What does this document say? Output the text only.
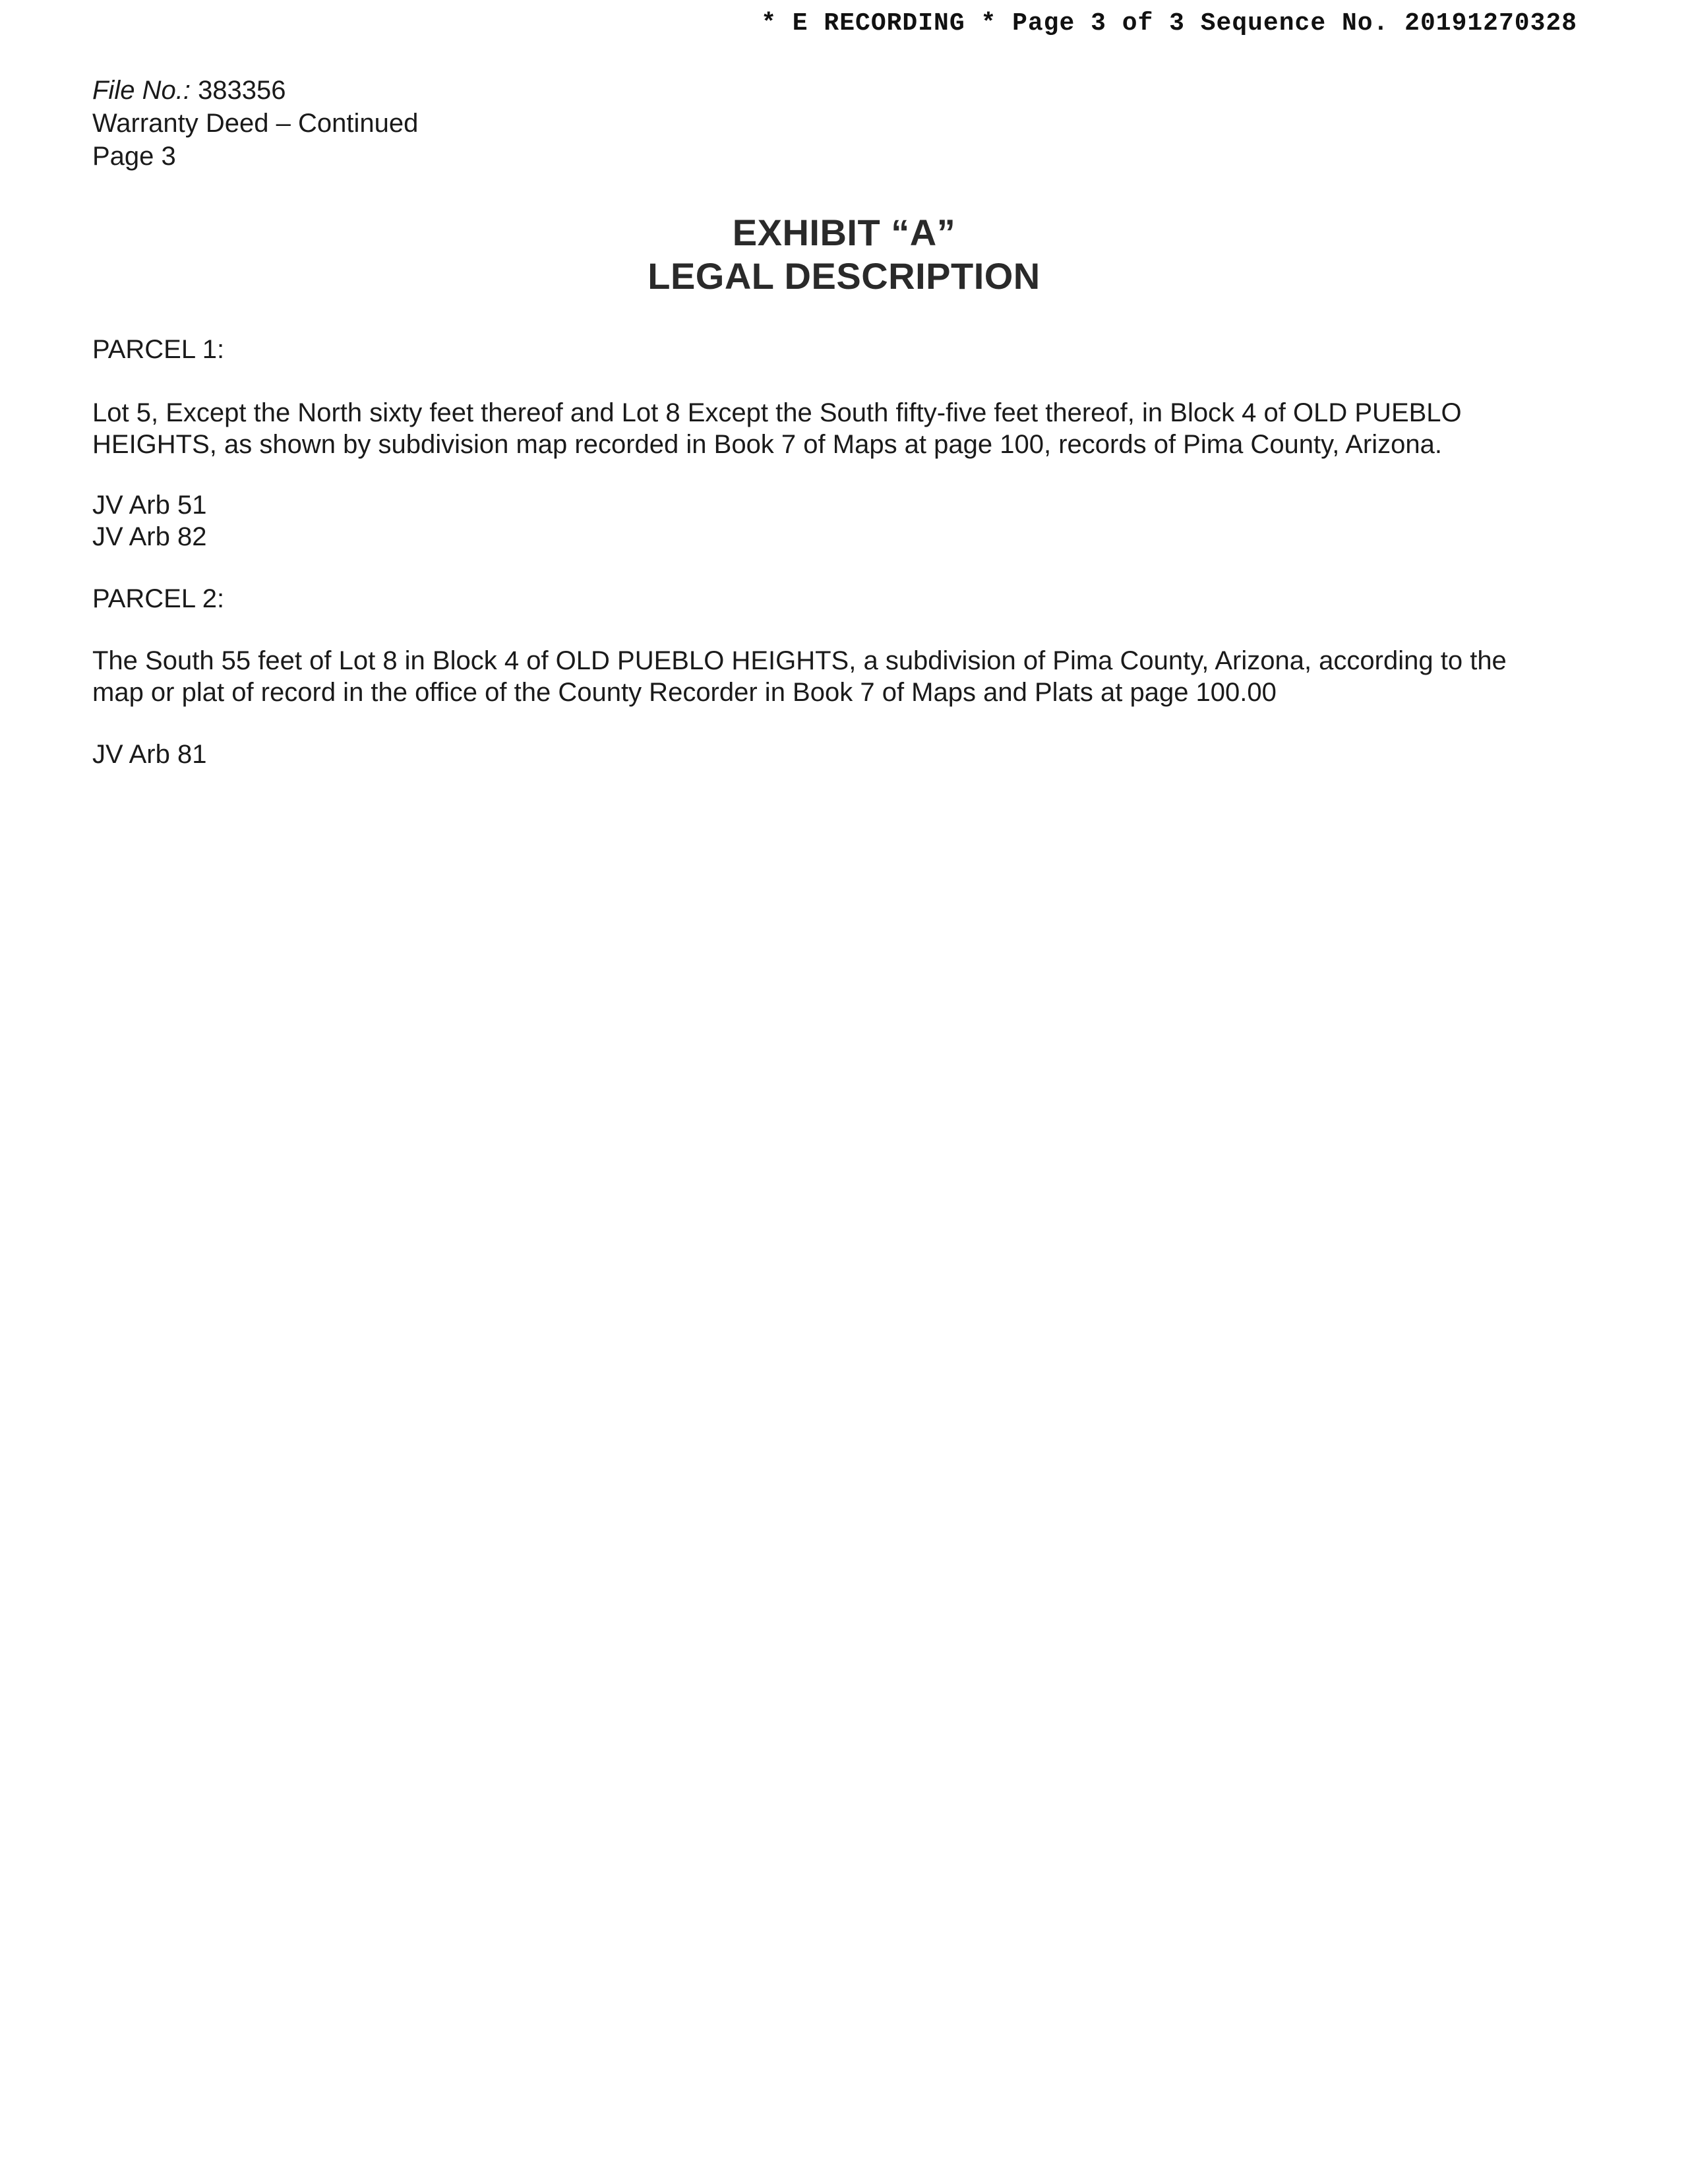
* E RECORDING * Page 3 of 3 Sequence No. 20191270328
File No.: 383356
Warranty Deed – Continued
Page 3
EXHIBIT “A”
LEGAL DESCRIPTION
PARCEL 1:
Lot 5, Except the North sixty feet thereof and Lot 8 Except the South fifty-five feet thereof, in Block 4 of OLD PUEBLO
HEIGHTS, as shown by subdivision map recorded in Book 7 of Maps at page 100, records of Pima County, Arizona.
JV Arb 51
JV Arb 82
PARCEL 2:
The South 55 feet of Lot 8 in Block 4 of OLD PUEBLO HEIGHTS, a subdivision of Pima County, Arizona, according to the
map or plat of record in the office of the County Recorder in Book 7 of Maps and Plats at page 100.00
JV Arb 81
